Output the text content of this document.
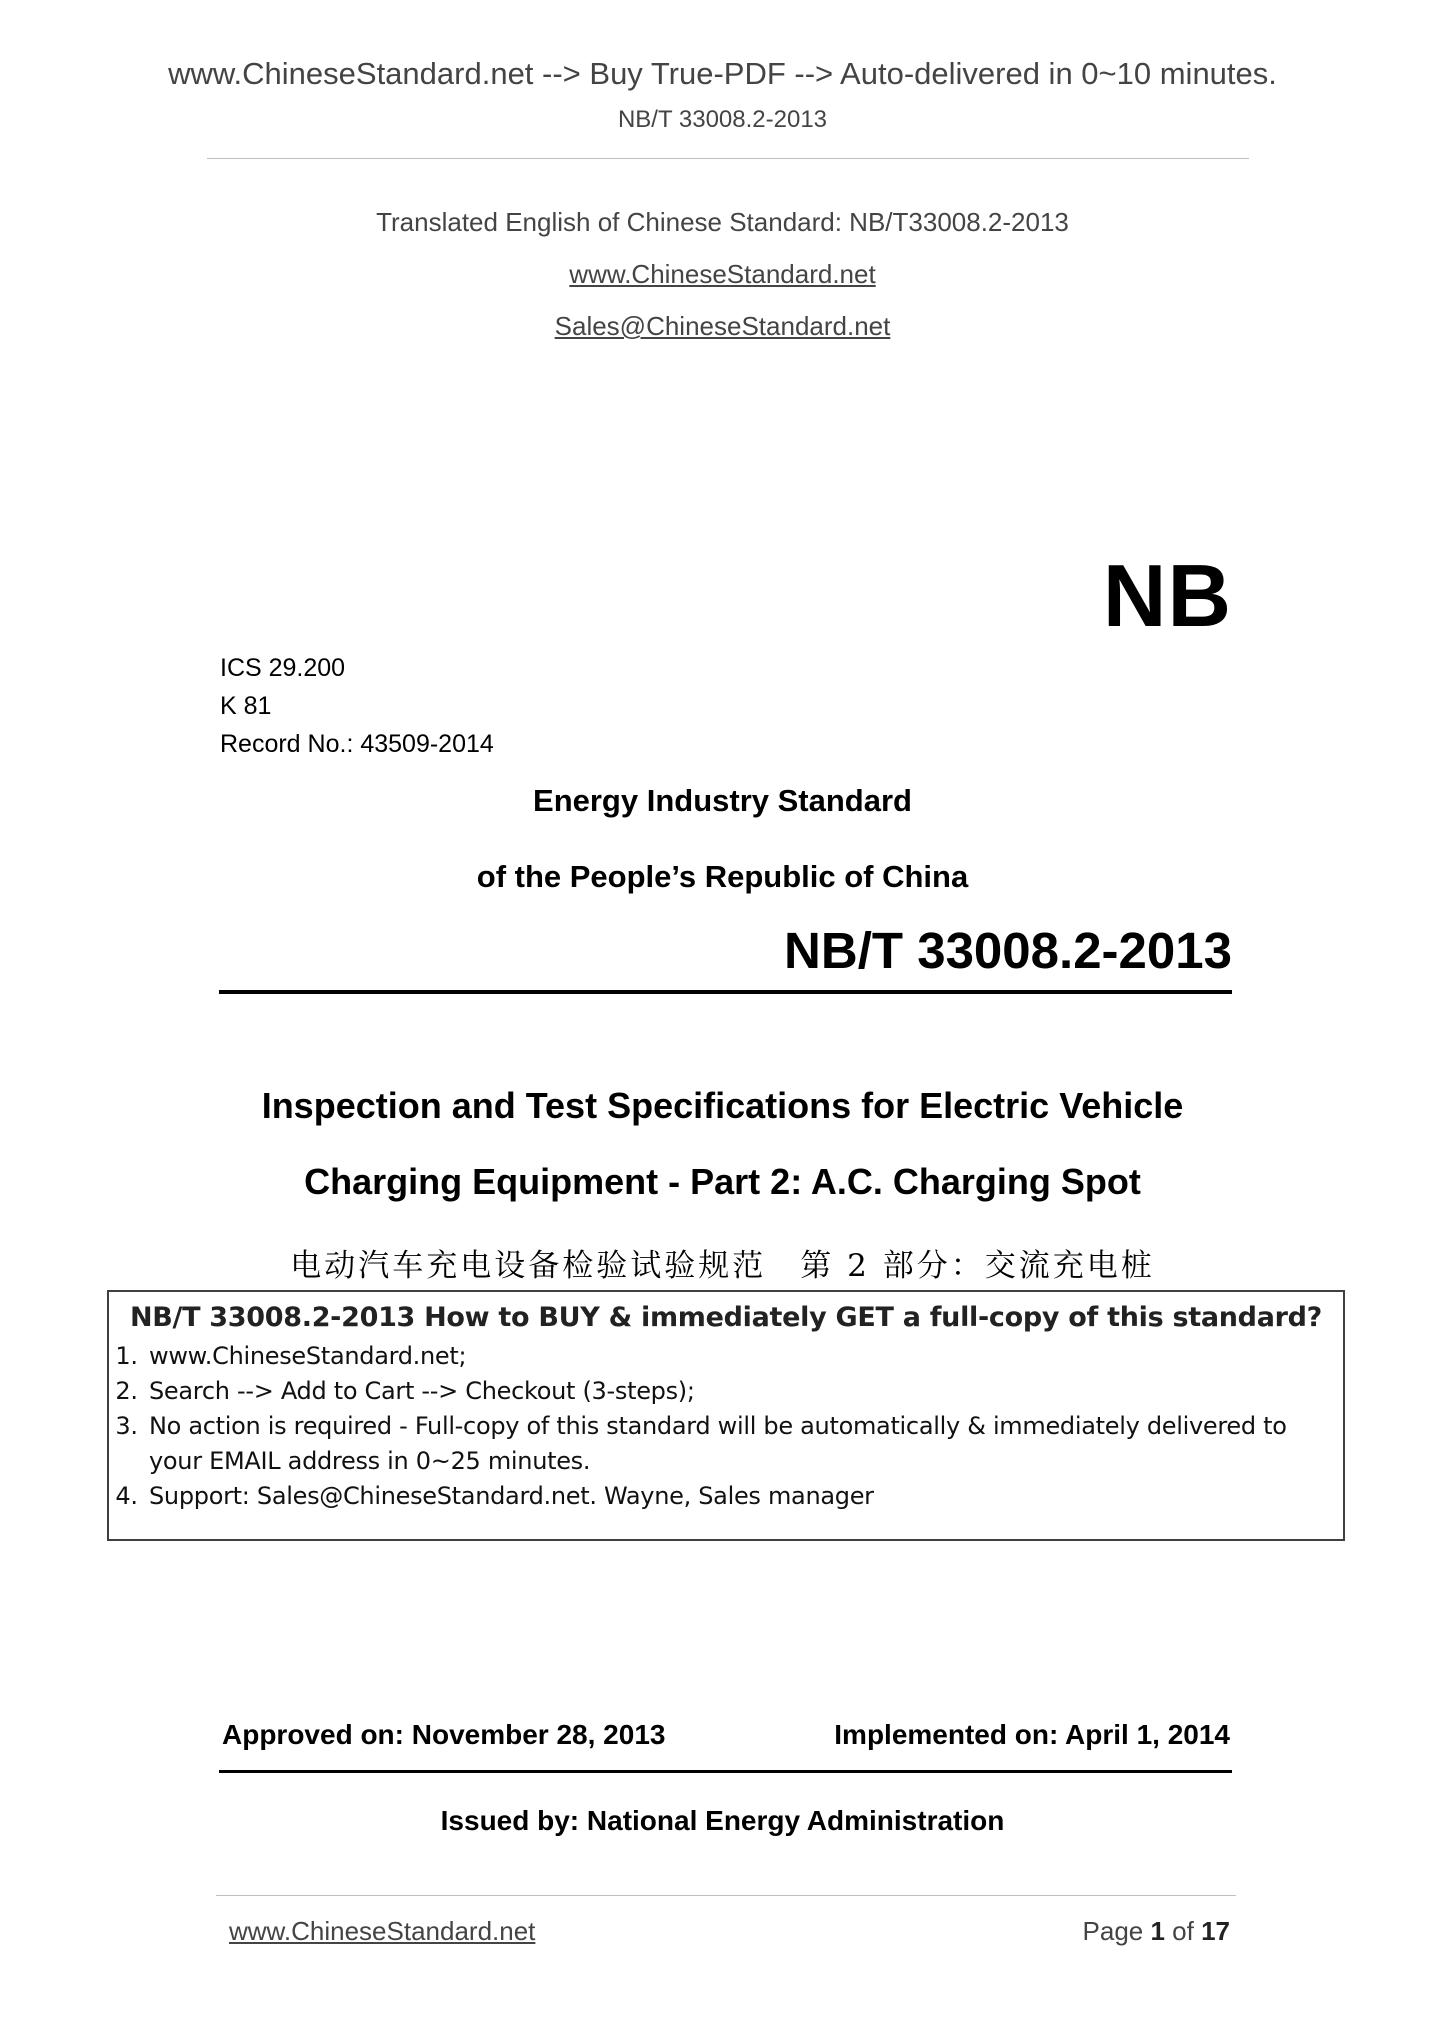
www.ChineseStandard.net --> Buy True-PDF --> Auto-delivered in 0~10 minutes.
NB/T 33008.2-2013
Translated English of Chinese Standard: NB/T33008.2-2013
www.ChineseStandard.net
Sales@ChineseStandard.net
NB
ICS 29.200
K 81
Record No.: 43509-2014
Energy Industry Standard
of the People’s Republic of China
NB/T 33008.2-2013
Inspection and Test Specifications for Electric Vehicle
Charging Equipment - Part 2: A.C. Charging Spot
电动汽车充电设备检验试验规范　第 2 部分：交流充电桩
NB/T 33008.2-2013 How to BUY & immediately GET a full-copy of this standard?
1. www.ChineseStandard.net;
2. Search --> Add to Cart --> Checkout (3-steps);
3. No action is required - Full-copy of this standard will be automatically & immediately delivered to your EMAIL address in 0~25 minutes.
4. Support: Sales@ChineseStandard.net. Wayne, Sales manager
Approved on: November 28, 2013	Implemented on: April 1, 2014
Issued by: National Energy Administration
www.ChineseStandard.net	Page 1 of 17
